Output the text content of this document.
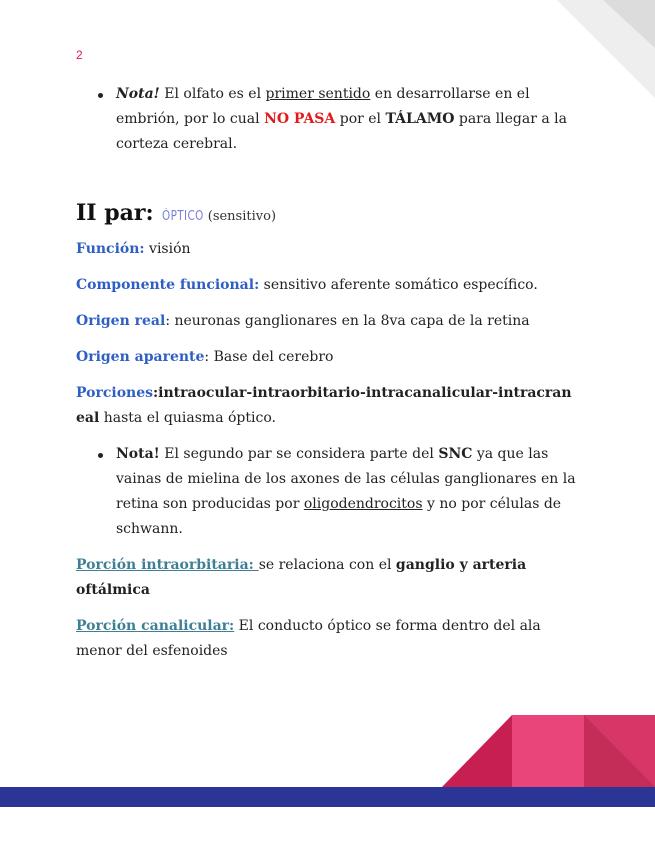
2
Nota! El olfato es el primer sentido en desarrollarse en el embrión, por lo cual NO PASA por el TÁLAMO para llegar a la corteza cerebral.
II par: ÓPTICO (sensitivo)

Función: visión

Componente funcional: sensitivo aferente somático específico.

Origen real: neuronas ganglionares en la 8va capa de la retina

Origen aparente: Base del cerebro

Porciones:intraocular-intraorbitario-intracanalicular-intracraneal hasta el quiasma óptico.

Nota! El segundo par se considera parte del SNC ya que las vainas de mielina de los axones de las células ganglionares en la retina son producidas por oligodendrocitos y no por células de schwann.

Porción intraorbitaria: se relaciona con el ganglio y arteria oftálmica

Porción canalicular: El conducto óptico se forma dentro del ala menor del esfenoides
